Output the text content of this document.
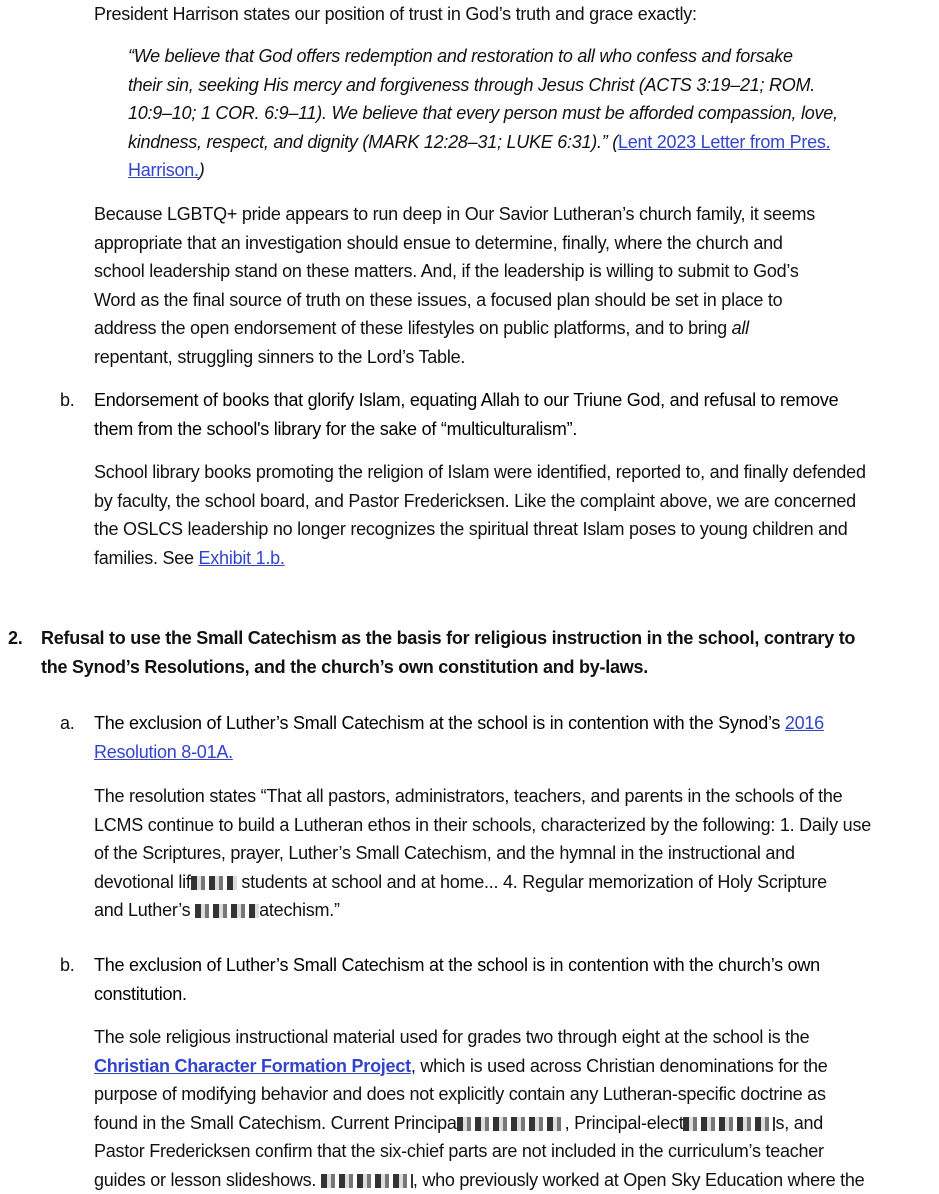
President Harrison states our position of trust in God’s truth and grace exactly:
“We believe that God offers redemption and restoration to all who confess and forsake
their sin, seeking His mercy and forgiveness through Jesus Christ (ACTS 3:19–21; ROM.
10:9–10; 1 COR. 6:9–11). We believe that every person must be afforded compassion, love,
kindness, respect, and dignity (MARK 12:28–31; LUKE 6:31).” (Lent 2023 Letter from Pres.
Harrison.)
Because LGBTQ+ pride appears to run deep in Our Savior Lutheran’s church family, it seems
appropriate that an investigation should ensue to determine, finally, where the church and
school leadership stand on these matters. And, if the leadership is willing to submit to God’s
Word as the final source of truth on these issues, a focused plan should be set in place to
address the open endorsement of these lifestyles on public platforms, and to bring all
repentant, struggling sinners to the Lord’s Table.
b. Endorsement of books that glorify Islam, equating Allah to our Triune God, and refusal to remove
them from the school's library for the sake of “multiculturalism”.
School library books promoting the religion of Islam were identified, reported to, and finally defended
by faculty, the school board, and Pastor Fredericksen. Like the complaint above, we are concerned
the OSLCS leadership no longer recognizes the spiritual threat Islam poses to young children and
families. See Exhibit 1.b.
2. Refusal to use the Small Catechism as the basis for religious instruction in the school, contrary to
the Synod’s Resolutions, and the church’s own constitution and by-laws.
a. The exclusion of Luther’s Small Catechism at the school is in contention with the Synod’s 2016
Resolution 8-01A.
The resolution states “That all pastors, administrators, teachers, and parents in the schools of the
LCMS continue to build a Lutheran ethos in their schools, characterized by the following: 1. Daily use
of the Scriptures, prayer, Luther’s Small Catechism, and the hymnal in the instructional and
devotional lif	students at school and at home... 4. Regular memorization of Holy Scripture
and Luther’s	atechism.”
b. The exclusion of Luther’s Small Catechism at the school is in contention with the church’s own
constitution.
The sole religious instructional material used for grades two through eight at the school is the
Christian Character Formation Project, which is used across Christian denominations for the
purpose of modifying behavior and does not explicitly contain any Lutheran-specific doctrine as
found in the Small Catechism. Current Principa	, Principal-elect	s, and
Pastor Fredericksen confirm that the six-chief parts are not included in the curriculum’s teacher
guides or lesson slideshows.	, who previously worked at Open Sky Education where the
